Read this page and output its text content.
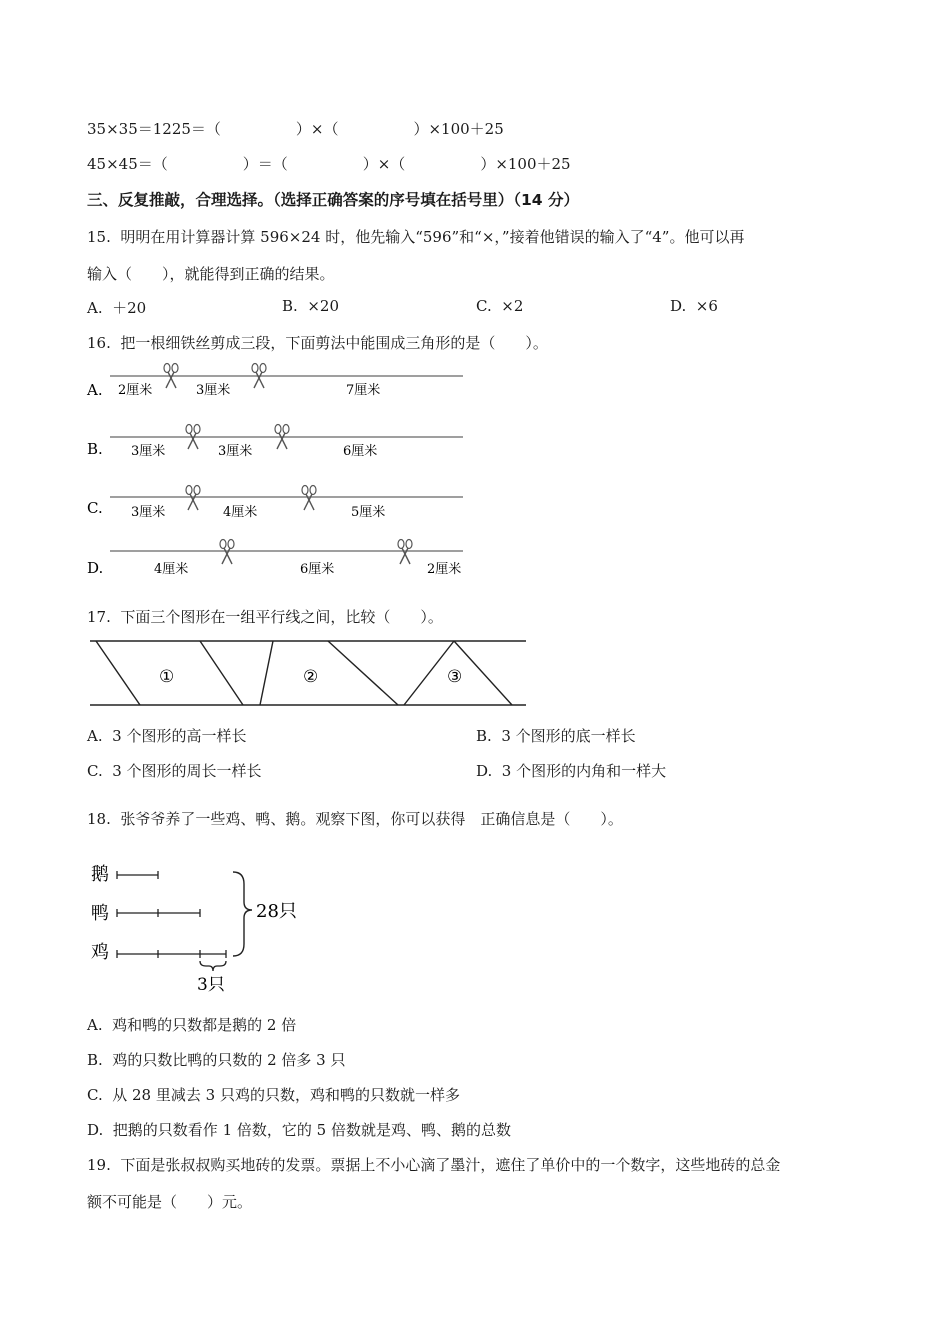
35×35＝1225＝（　　　　　）×（　　　　　）×100＋25
45×45＝（　　　　　）＝（　　　　　）×（　　　　　）×100＋25
三、反复推敲，合理选择。（选择正确答案的序号填在括号里）（14 分）
15.  明明在用计算器计算 596×24 时，他先输入“596”和“×，”接着他错误的输入了“4”。他可以再
输入（　　），就能得到正确的结果。
A.  ＋20	B.  ×20	C.  ×2	D.  ×6
16.  把一根细铁丝剪成三段，下面剪法中能围成三角形的是（　　）。
A. 2厘米	3厘米	7厘米
B. 3厘米	3厘米	6厘米
C. 3厘米	4厘米	5厘米
D.	4厘米	6厘米	2厘米
17.  下面三个图形在一组平行线之间，比较（　　）。
①	②	③
A.  3 个图形的高一样长	B.  3 个图形的底一样长
C.  3 个图形的周长一样长	D.  3 个图形的内角和一样大
18.  张爷爷养了一些鸡、鸭、鹅。观察下图，你可以获得　正确信息是（　　）。
鹅
鸭
鸡
28只
3只
A.  鸡和鸭的只数都是鹅的 2 倍
B.  鸡的只数比鸭的只数的 2 倍多 3 只
C.  从 28 里减去 3 只鸡的只数，鸡和鸭的只数就一样多
D.  把鹅的只数看作 1 倍数，它的 5 倍数就是鸡、鸭、鹅的总数
19.  下面是张叔叔购买地砖的发票。票据上不小心滴了墨汁，遮住了单价中的一个数字，这些地砖的总金
额不可能是（　　）元。
